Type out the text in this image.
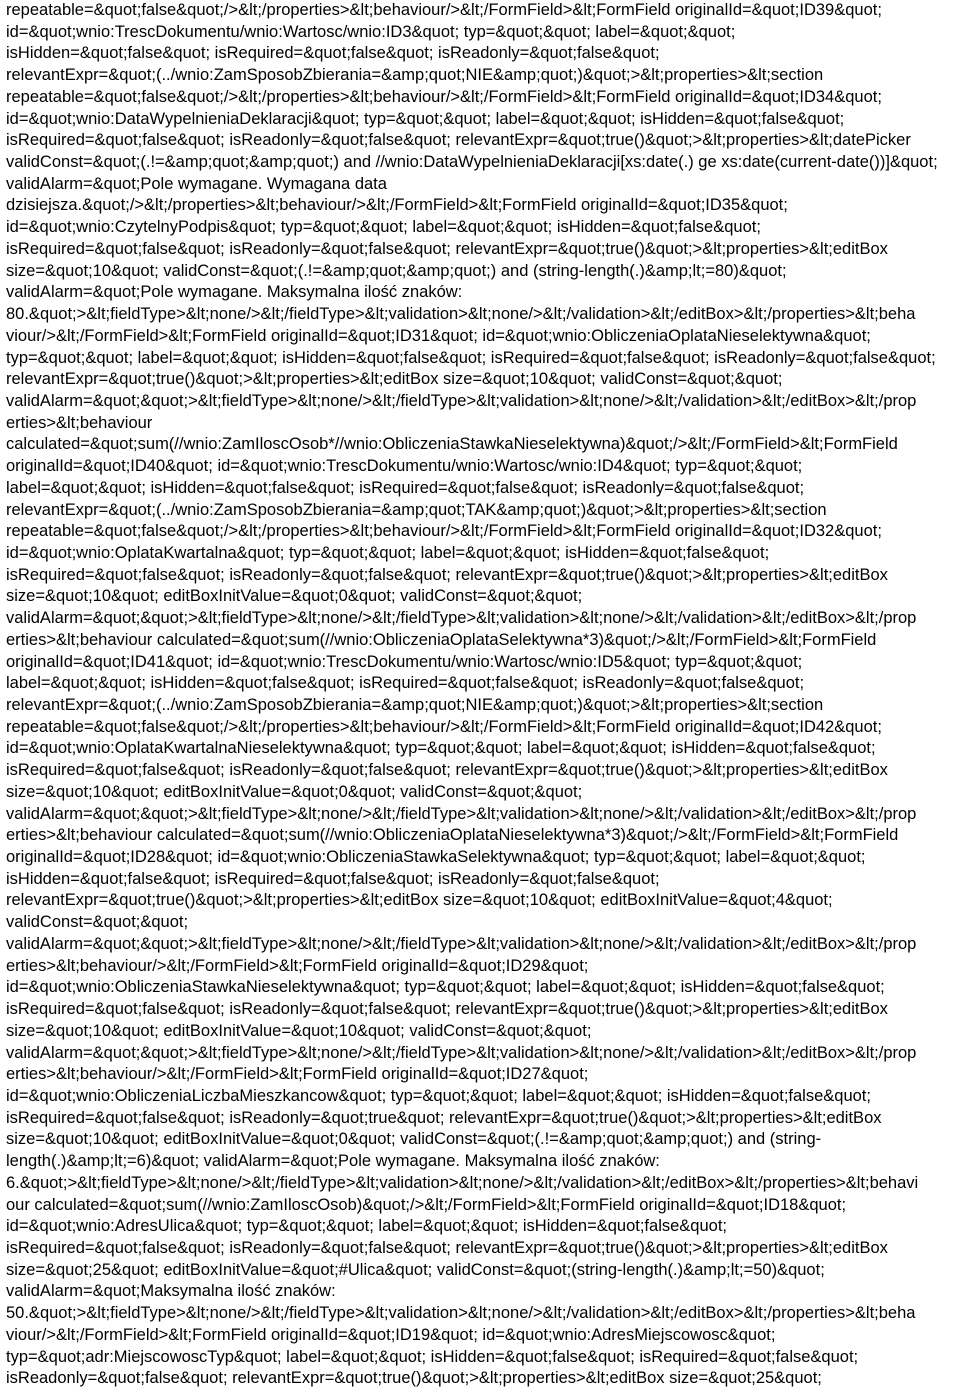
repeatable=&quot;false&quot;/>&lt;/properties>&lt;behaviour/>&lt;/FormField>&lt;FormField originalId=&quot;ID39&quot;
id=&quot;wnio:TrescDokumentu/wnio:Wartosc/wnio:ID3&quot; typ=&quot;&quot; label=&quot;&quot;
isHidden=&quot;false&quot; isRequired=&quot;false&quot; isReadonly=&quot;false&quot;
relevantExpr=&quot;(../wnio:ZamSposobZbierania=&amp;quot;NIE&amp;quot;)&quot;>&lt;properties>&lt;section
repeatable=&quot;false&quot;/>&lt;/properties>&lt;behaviour/>&lt;/FormField>&lt;FormField originalId=&quot;ID34&quot;
id=&quot;wnio:DataWypelnieniaDeklaracji&quot; typ=&quot;&quot; label=&quot;&quot; isHidden=&quot;false&quot;
isRequired=&quot;false&quot; isReadonly=&quot;false&quot; relevantExpr=&quot;true()&quot;>&lt;properties>&lt;datePicker
validConst=&quot;(.!=&amp;quot;&amp;quot;) and //wnio:DataWypelnieniaDeklaracji[xs:date(.) ge xs:date(current-date())]&quot;
validAlarm=&quot;Pole wymagane. Wymagana data
dzisiejsza.&quot;/>&lt;/properties>&lt;behaviour/>&lt;/FormField>&lt;FormField originalId=&quot;ID35&quot;
id=&quot;wnio:CzytelnyPodpis&quot; typ=&quot;&quot; label=&quot;&quot; isHidden=&quot;false&quot;
isRequired=&quot;false&quot; isReadonly=&quot;false&quot; relevantExpr=&quot;true()&quot;>&lt;properties>&lt;editBox
size=&quot;10&quot; validConst=&quot;(.!=&amp;quot;&amp;quot;) and (string-length(.)&amp;lt;=80)&quot;
validAlarm=&quot;Pole wymagane. Maksymalna ilość znaków:
80.&quot;>&lt;fieldType>&lt;none/>&lt;/fieldType>&lt;validation>&lt;none/>&lt;/validation>&lt;/editBox>&lt;/properties>&lt;beha
viour/>&lt;/FormField>&lt;FormField originalId=&quot;ID31&quot; id=&quot;wnio:ObliczeniaOplataNieselektywna&quot;
typ=&quot;&quot; label=&quot;&quot; isHidden=&quot;false&quot; isRequired=&quot;false&quot; isReadonly=&quot;false&quot;
relevantExpr=&quot;true()&quot;>&lt;properties>&lt;editBox size=&quot;10&quot; validConst=&quot;&quot;
validAlarm=&quot;&quot;>&lt;fieldType>&lt;none/>&lt;/fieldType>&lt;validation>&lt;none/>&lt;/validation>&lt;/editBox>&lt;/prop
erties>&lt;behaviour
calculated=&quot;sum(//wnio:ZamIloscOsob*//wnio:ObliczeniaStawkaNieselektywna)&quot;/>&lt;/FormField>&lt;FormField
originalId=&quot;ID40&quot; id=&quot;wnio:TrescDokumentu/wnio:Wartosc/wnio:ID4&quot; typ=&quot;&quot;
label=&quot;&quot; isHidden=&quot;false&quot; isRequired=&quot;false&quot; isReadonly=&quot;false&quot;
relevantExpr=&quot;(../wnio:ZamSposobZbierania=&amp;quot;TAK&amp;quot;)&quot;>&lt;properties>&lt;section
repeatable=&quot;false&quot;/>&lt;/properties>&lt;behaviour/>&lt;/FormField>&lt;FormField originalId=&quot;ID32&quot;
id=&quot;wnio:OplataKwartalna&quot; typ=&quot;&quot; label=&quot;&quot; isHidden=&quot;false&quot;
isRequired=&quot;false&quot; isReadonly=&quot;false&quot; relevantExpr=&quot;true()&quot;>&lt;properties>&lt;editBox
size=&quot;10&quot; editBoxInitValue=&quot;0&quot; validConst=&quot;&quot;
validAlarm=&quot;&quot;>&lt;fieldType>&lt;none/>&lt;/fieldType>&lt;validation>&lt;none/>&lt;/validation>&lt;/editBox>&lt;/prop
erties>&lt;behaviour calculated=&quot;sum(//wnio:ObliczeniaOplataSelektywna*3)&quot;/>&lt;/FormField>&lt;FormField
originalId=&quot;ID41&quot; id=&quot;wnio:TrescDokumentu/wnio:Wartosc/wnio:ID5&quot; typ=&quot;&quot;
label=&quot;&quot; isHidden=&quot;false&quot; isRequired=&quot;false&quot; isReadonly=&quot;false&quot;
relevantExpr=&quot;(../wnio:ZamSposobZbierania=&amp;quot;NIE&amp;quot;)&quot;>&lt;properties>&lt;section
repeatable=&quot;false&quot;/>&lt;/properties>&lt;behaviour/>&lt;/FormField>&lt;FormField originalId=&quot;ID42&quot;
id=&quot;wnio:OplataKwartalnaNieselektywna&quot; typ=&quot;&quot; label=&quot;&quot; isHidden=&quot;false&quot;
isRequired=&quot;false&quot; isReadonly=&quot;false&quot; relevantExpr=&quot;true()&quot;>&lt;properties>&lt;editBox
size=&quot;10&quot; editBoxInitValue=&quot;0&quot; validConst=&quot;&quot;
validAlarm=&quot;&quot;>&lt;fieldType>&lt;none/>&lt;/fieldType>&lt;validation>&lt;none/>&lt;/validation>&lt;/editBox>&lt;/prop
erties>&lt;behaviour calculated=&quot;sum(//wnio:ObliczeniaOplataNieselektywna*3)&quot;/>&lt;/FormField>&lt;FormField
originalId=&quot;ID28&quot; id=&quot;wnio:ObliczeniaStawkaSelektywna&quot; typ=&quot;&quot; label=&quot;&quot;
isHidden=&quot;false&quot; isRequired=&quot;false&quot; isReadonly=&quot;false&quot;
relevantExpr=&quot;true()&quot;>&lt;properties>&lt;editBox size=&quot;10&quot; editBoxInitValue=&quot;4&quot;
validConst=&quot;&quot;
validAlarm=&quot;&quot;>&lt;fieldType>&lt;none/>&lt;/fieldType>&lt;validation>&lt;none/>&lt;/validation>&lt;/editBox>&lt;/prop
erties>&lt;behaviour/>&lt;/FormField>&lt;FormField originalId=&quot;ID29&quot;
id=&quot;wnio:ObliczeniaStawkaNieselektywna&quot; typ=&quot;&quot; label=&quot;&quot; isHidden=&quot;false&quot;
isRequired=&quot;false&quot; isReadonly=&quot;false&quot; relevantExpr=&quot;true()&quot;>&lt;properties>&lt;editBox
size=&quot;10&quot; editBoxInitValue=&quot;10&quot; validConst=&quot;&quot;
validAlarm=&quot;&quot;>&lt;fieldType>&lt;none/>&lt;/fieldType>&lt;validation>&lt;none/>&lt;/validation>&lt;/editBox>&lt;/prop
erties>&lt;behaviour/>&lt;/FormField>&lt;FormField originalId=&quot;ID27&quot;
id=&quot;wnio:ObliczeniaLiczbaMieszkancow&quot; typ=&quot;&quot; label=&quot;&quot; isHidden=&quot;false&quot;
isRequired=&quot;false&quot; isReadonly=&quot;true&quot; relevantExpr=&quot;true()&quot;>&lt;properties>&lt;editBox
size=&quot;10&quot; editBoxInitValue=&quot;0&quot; validConst=&quot;(.!=&amp;quot;&amp;quot;) and (string-
length(.)&amp;lt;=6)&quot; validAlarm=&quot;Pole wymagane. Maksymalna ilość znaków:
6.&quot;>&lt;fieldType>&lt;none/>&lt;/fieldType>&lt;validation>&lt;none/>&lt;/validation>&lt;/editBox>&lt;/properties>&lt;behavi
our calculated=&quot;sum(//wnio:ZamIloscOsob)&quot;/>&lt;/FormField>&lt;FormField originalId=&quot;ID18&quot;
id=&quot;wnio:AdresUlica&quot; typ=&quot;&quot; label=&quot;&quot; isHidden=&quot;false&quot;
isRequired=&quot;false&quot; isReadonly=&quot;false&quot; relevantExpr=&quot;true()&quot;>&lt;properties>&lt;editBox
size=&quot;25&quot; editBoxInitValue=&quot;#Ulica&quot; validConst=&quot;(string-length(.)&amp;lt;=50)&quot;
validAlarm=&quot;Maksymalna ilość znaków:
50.&quot;>&lt;fieldType>&lt;none/>&lt;/fieldType>&lt;validation>&lt;none/>&lt;/validation>&lt;/editBox>&lt;/properties>&lt;beha
viour/>&lt;/FormField>&lt;FormField originalId=&quot;ID19&quot; id=&quot;wnio:AdresMiejscowosc&quot;
typ=&quot;adr:MiejscowoscTyp&quot; label=&quot;&quot; isHidden=&quot;false&quot; isRequired=&quot;false&quot;
isReadonly=&quot;false&quot; relevantExpr=&quot;true()&quot;>&lt;properties>&lt;editBox size=&quot;25&quot;
